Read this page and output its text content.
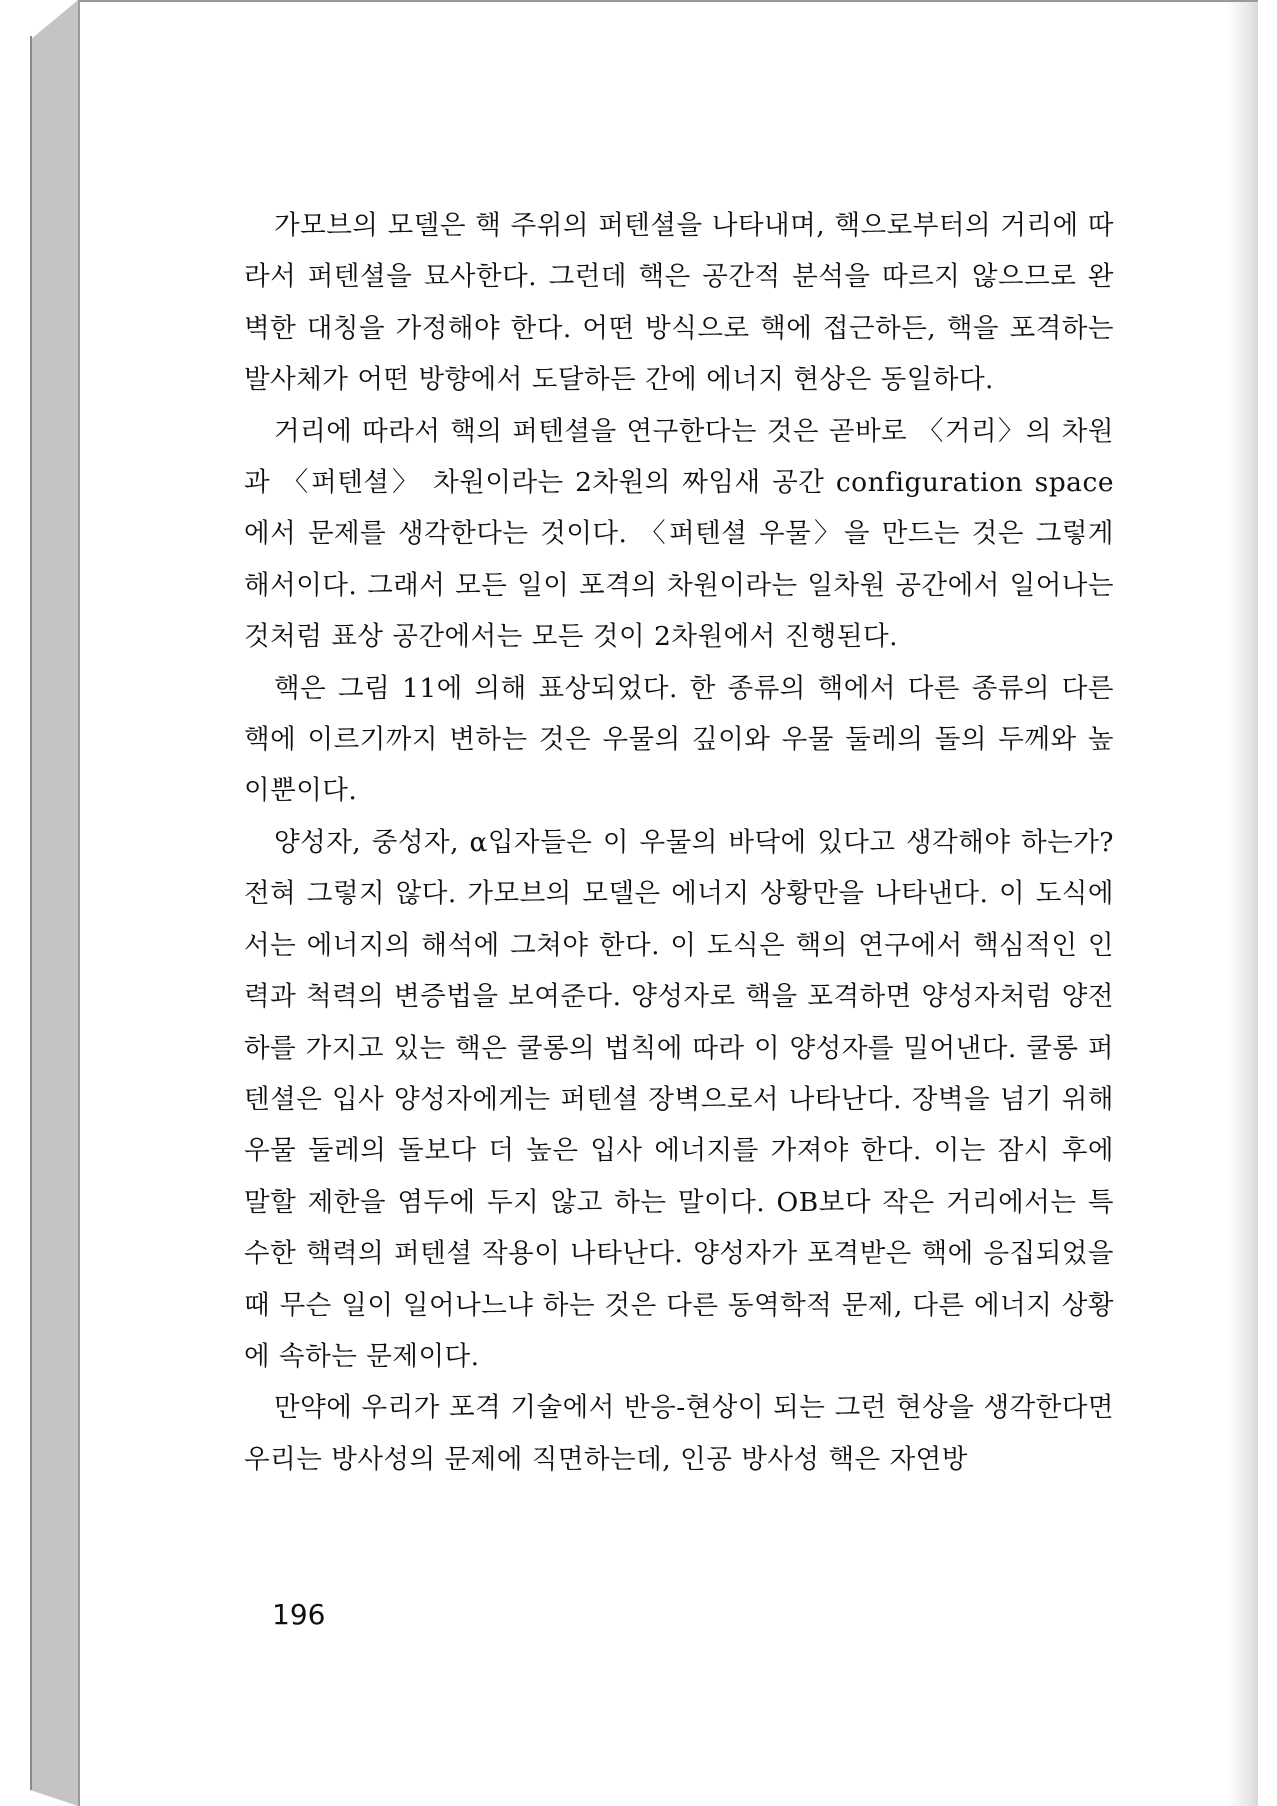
가모브의 모델은 핵 주위의 퍼텐셜을 나타내며, 핵으로부터의 거리에 따라서 퍼텐셜을 묘사한다. 그런데 핵은 공간적 분석을 따르지 않으므로 완벽한 대칭을 가정해야 한다. 어떤 방식으로 핵에 접근하든, 핵을 포격하는 발사체가 어떤 방향에서 도달하든 간에 에너지 현상은 동일하다.

거리에 따라서 핵의 퍼텐셜을 연구한다는 것은 곧바로 〈거리〉의 차원과 〈퍼텐셜〉 차원이라는 2차원의 짜임새 공간 configuration space에서 문제를 생각한다는 것이다. 〈퍼텐셜 우물〉을 만드는 것은 그렇게 해서이다. 그래서 모든 일이 포격의 차원이라는 일차원 공간에서 일어나는 것처럼 표상 공간에서는 모든 것이 2차원에서 진행된다.

핵은 그림 11에 의해 표상되었다. 한 종류의 핵에서 다른 종류의 다른 핵에 이르기까지 변하는 것은 우물의 깊이와 우물 둘레의 돌의 두께와 높이뿐이다.

양성자, 중성자, α입자들은 이 우물의 바닥에 있다고 생각해야 하는가? 전혀 그렇지 않다. 가모브의 모델은 에너지 상황만을 나타낸다. 이 도식에서는 에너지의 해석에 그쳐야 한다. 이 도식은 핵의 연구에서 핵심적인 인력과 척력의 변증법을 보여준다. 양성자로 핵을 포격하면 양성자처럼 양전하를 가지고 있는 핵은 쿨롱의 법칙에 따라 이 양성자를 밀어낸다. 쿨롱 퍼텐셜은 입사 양성자에게는 퍼텐셜 장벽으로서 나타난다. 장벽을 넘기 위해 우물 둘레의 돌보다 더 높은 입사 에너지를 가져야 한다. 이는 잠시 후에 말할 제한을 염두에 두지 않고 하는 말이다. OB보다 작은 거리에서는 특수한 핵력의 퍼텐셜 작용이 나타난다. 양성자가 포격받은 핵에 응집되었을 때 무슨 일이 일어나느냐 하는 것은 다른 동역학적 문제, 다른 에너지 상황에 속하는 문제이다.

만약에 우리가 포격 기술에서 반응-현상이 되는 그런 현상을 생각한다면 우리는 방사성의 문제에 직면하는데, 인공 방사성 핵은 자연방

196
